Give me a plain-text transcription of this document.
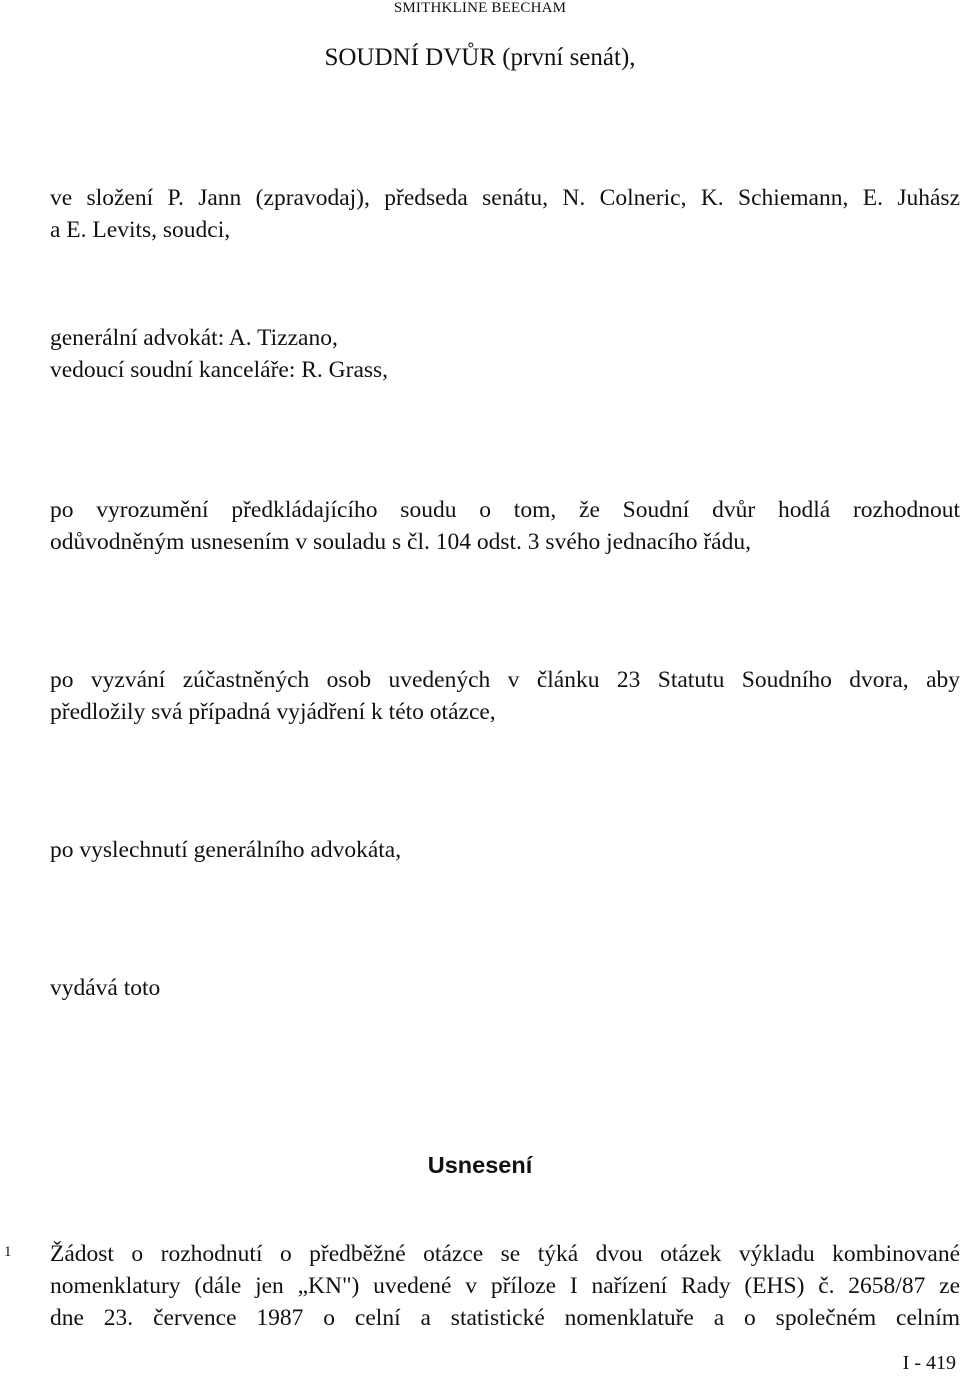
SMITHKLINE BEECHAM
SOUDNÍ DVŮR (první senát),

ve složení P. Jann (zpravodaj), předseda senátu, N. Colneric, K. Schiemann, E. Juhász
a E. Levits, soudci,

generální advokát: A. Tizzano,
vedoucí soudní kanceláře: R. Grass,

po vyrozumění předkládajícího soudu o tom, že Soudní dvůr hodlá rozhodnout
odůvodněným usnesením v souladu s čl. 104 odst. 3 svého jednacího řádu,

po vyzvání zúčastněných osob uvedených v článku 23 Statutu Soudního dvora, aby
předložily svá případná vyjádření k této otázce,

po vyslechnutí generálního advokáta,

vydává toto

Usnesení
1 Žádost o rozhodnutí o předběžné otázce se týká dvou otázek výkladu kombinované
nomenklatury (dále jen „KN") uvedené v příloze I nařízení Rady (EHS) č. 2658/87 ze
dne 23. července 1987 o celní a statistické nomenklatuře a o společném celním

I - 419
